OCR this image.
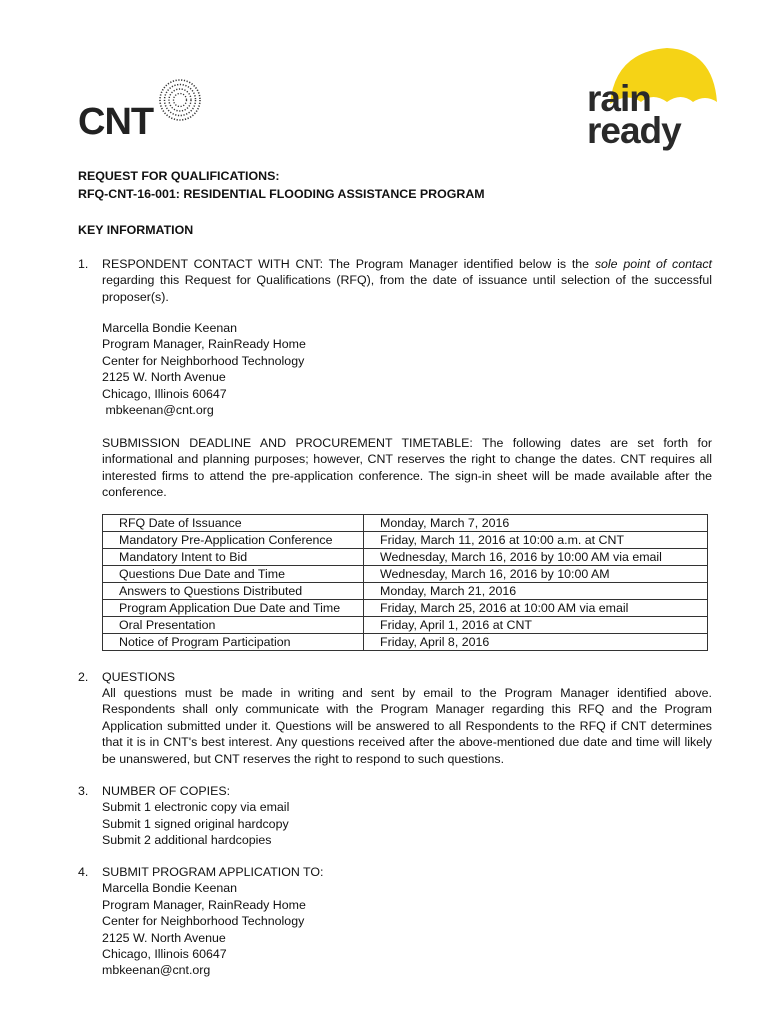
CNT
rain
ready
REQUEST FOR QUALIFICATIONS:
RFQ-CNT-16-001: RESIDENTIAL FLOODING ASSISTANCE PROGRAM
KEY INFORMATION
1. RESPONDENT CONTACT WITH CNT: The Program Manager identified below is the sole point of contact regarding this Request for Qualifications (RFQ), from the date of issuance until selection of the successful proposer(s).
Marcella Bondie Keenan
Program Manager, RainReady Home
Center for Neighborhood Technology
2125 W. North Avenue
Chicago, Illinois 60647
mbkeenan@cnt.org
SUBMISSION DEADLINE AND PROCUREMENT TIMETABLE: The following dates are set forth for informational and planning purposes; however, CNT reserves the right to change the dates. CNT requires all interested firms to attend the pre-application conference. The sign-in sheet will be made available after the conference.
RFQ Date of Issuance	Monday, March 7, 2016
Mandatory Pre-Application Conference	Friday, March 11, 2016 at 10:00 a.m. at CNT
Mandatory Intent to Bid	Wednesday, March 16, 2016 by 10:00 AM via email
Questions Due Date and Time	Wednesday, March 16, 2016 by 10:00 AM
Answers to Questions Distributed	Monday, March 21, 2016
Program Application Due Date and Time	Friday, March 25, 2016 at 10:00 AM via email
Oral Presentation	Friday, April 1, 2016 at CNT
Notice of Program Participation	Friday, April 8, 2016
2. QUESTIONS
All questions must be made in writing and sent by email to the Program Manager identified above. Respondents shall only communicate with the Program Manager regarding this RFQ and the Program Application submitted under it. Questions will be answered to all Respondents to the RFQ if CNT determines that it is in CNT's best interest. Any questions received after the above-mentioned due date and time will likely be unanswered, but CNT reserves the right to respond to such questions.
3. NUMBER OF COPIES:
Submit 1 electronic copy via email
Submit 1 signed original hardcopy
Submit 2 additional hardcopies
4. SUBMIT PROGRAM APPLICATION TO:
Marcella Bondie Keenan
Program Manager, RainReady Home
Center for Neighborhood Technology
2125 W. North Avenue
Chicago, Illinois 60647
mbkeenan@cnt.org
